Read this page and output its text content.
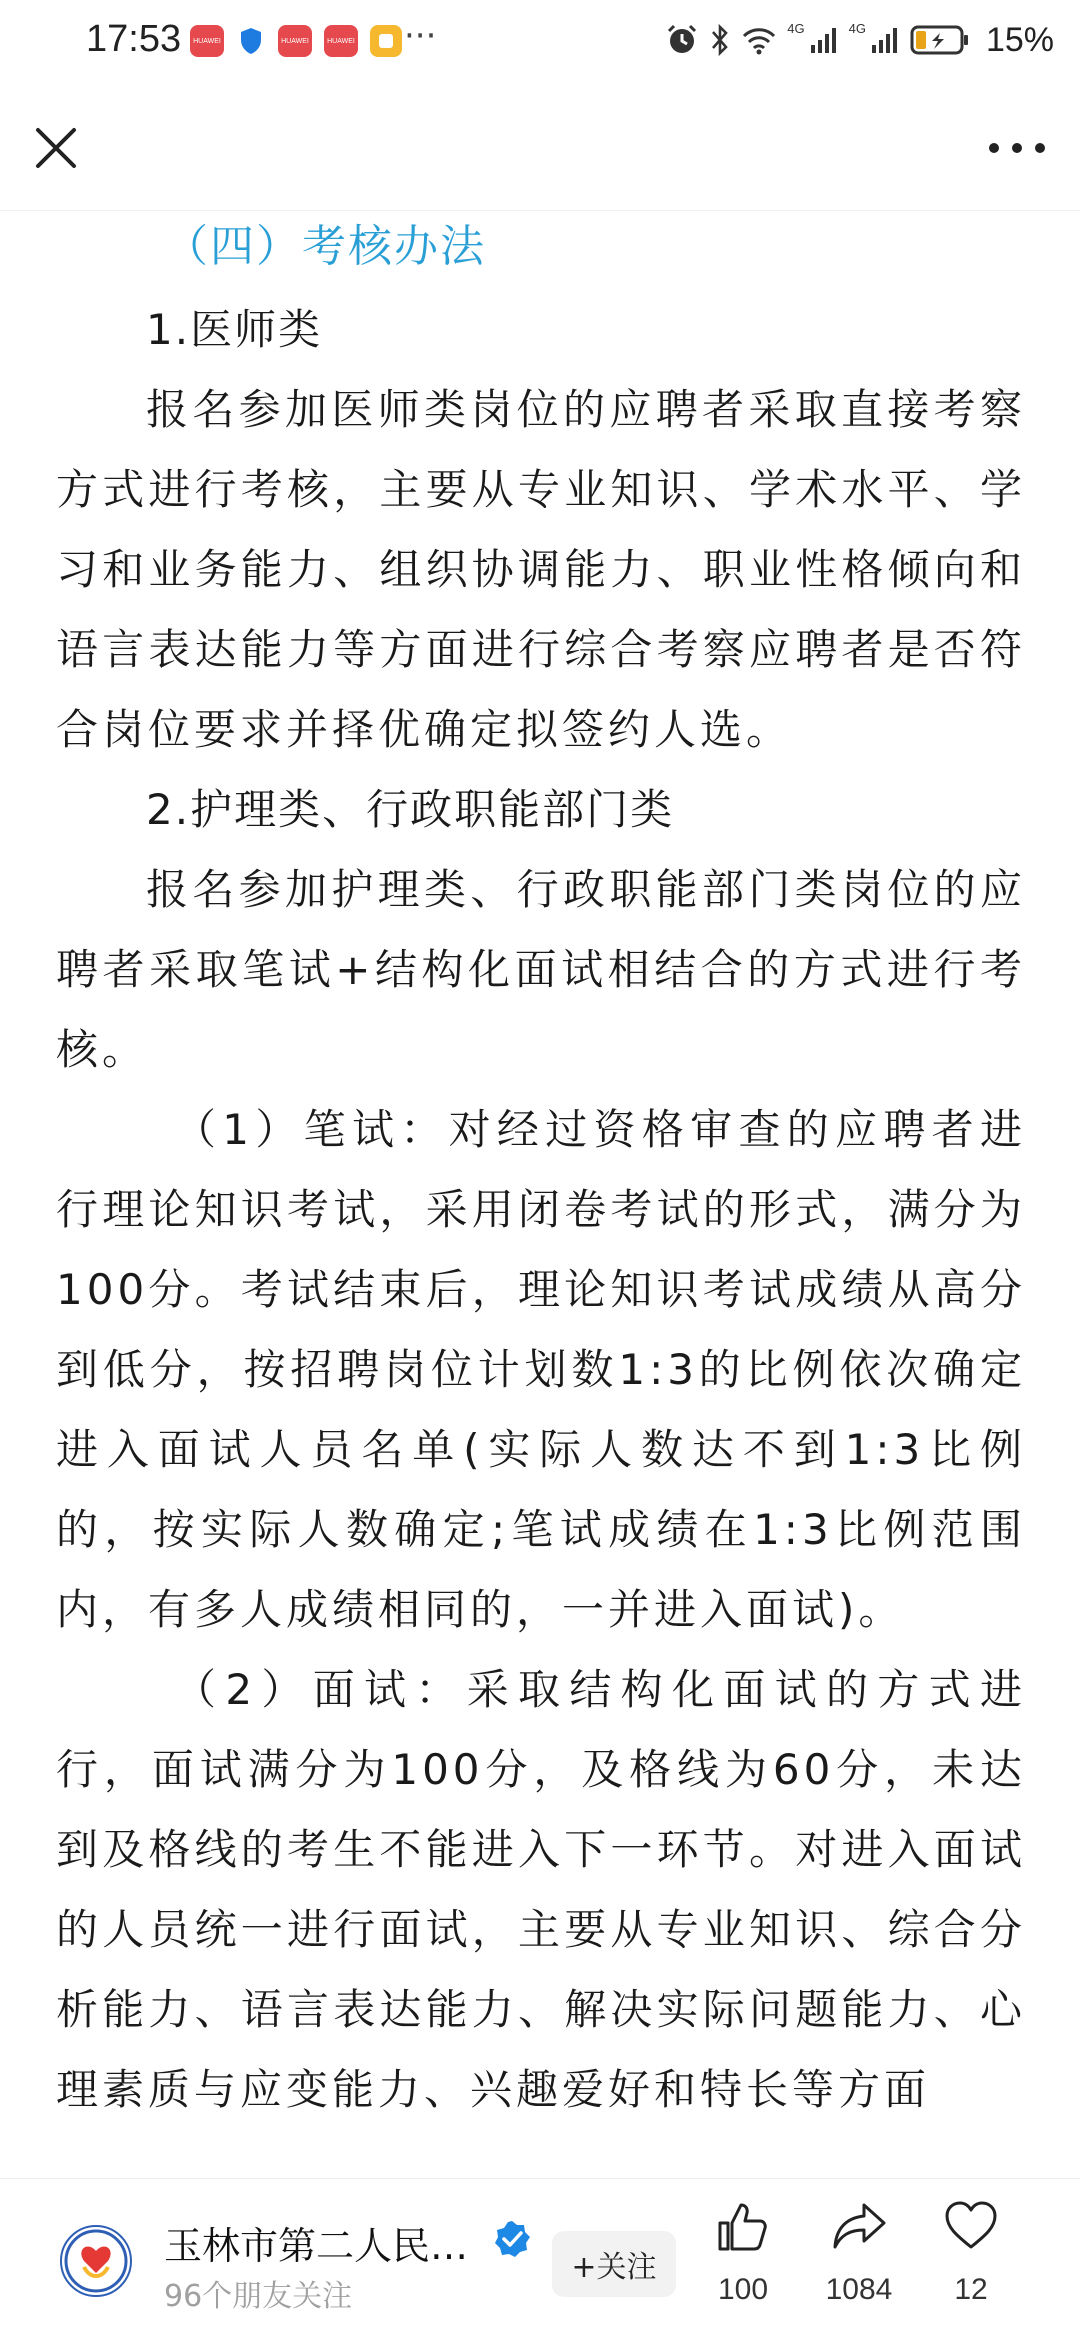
17:53	HUAWEI	HUAWEI	HUAWEI ···	4G	4G	15%

（四）考核办法

1.医师类

报名参加医师类岗位的应聘者采取直接考察方式进行考核，主要从专业知识、学术水平、学习和业务能力、组织协调能力、职业性格倾向和语言表达能力等方面进行综合考察应聘者是否符合岗位要求并择优确定拟签约人选。

2.护理类、行政职能部门类

报名参加护理类、行政职能部门类岗位的应聘者采取笔试+结构化面试相结合的方式进行考核。

（1）笔试：对经过资格审查的应聘者进行理论知识考试，采用闭卷考试的形式，满分为100分。考试结束后，理论知识考试成绩从高分到低分，按招聘岗位计划数1:3的比例依次确定进入面试人员名单(实际人数达不到1:3比例的，按实际人数确定;笔试成绩在1:3比例范围内，有多人成绩相同的，一并进入面试)。

（2）面试：采取结构化面试的方式进行，面试满分为100分，及格线为60分，未达到及格线的考生不能进入下一环节。对进入面试的人员统一进行面试，主要从专业知识、综合分析能力、语言表达能力、解决实际问题能力、心理素质与应变能力、兴趣爱好和特长等方面

玉林市第二人民…
96个朋友关注
+关注
100 1084 12
